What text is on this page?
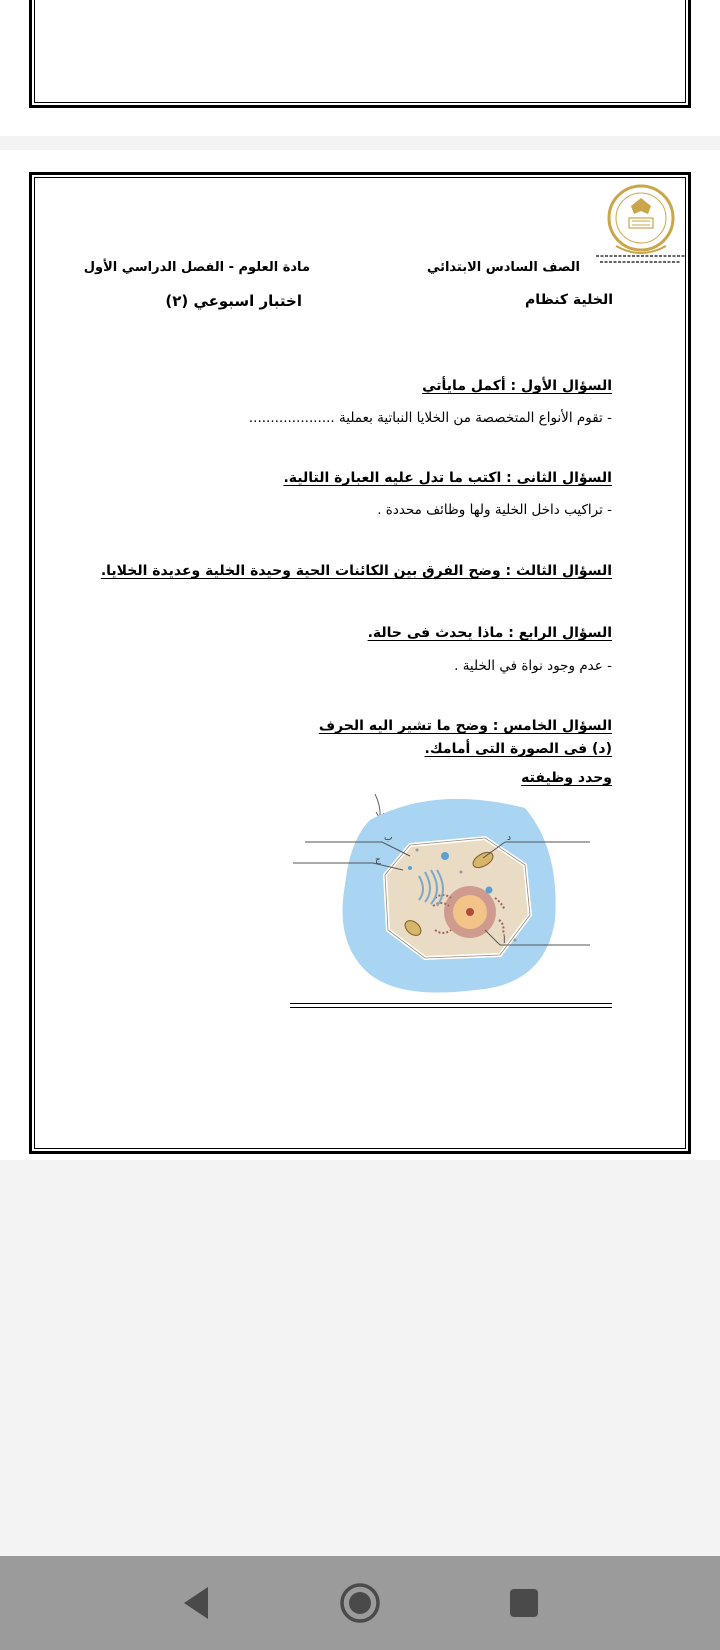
الصف السادس الابتدائي
مادة العلوم - الفصل الدراسي الأول
الخلية كنظام
اختبار اسبوعي (٢)
السؤال الأول : أكمل مايأتي
- تقوم الأنواع المتخصصة من الخلايا النباتية بعملية ....................
السؤال الثانى : اكتب ما تدل عليه العبارة التالية.
- تراكيب داخل الخلية ولها وظائف محددة .
السؤال الثالث : وضح الفرق بين الكائنات الحية وحيدة الخلية وعديدة الخلايا.
السؤال الرابع : ماذا يحدث فى حالة.
- عدم وجود نواة في الخلية .
السؤال الخامس : وضح ما تشير اليه الحرف
(د) فى الصورة التى أمامك.
وحدد وظيفته
ب
ج
د
أ
